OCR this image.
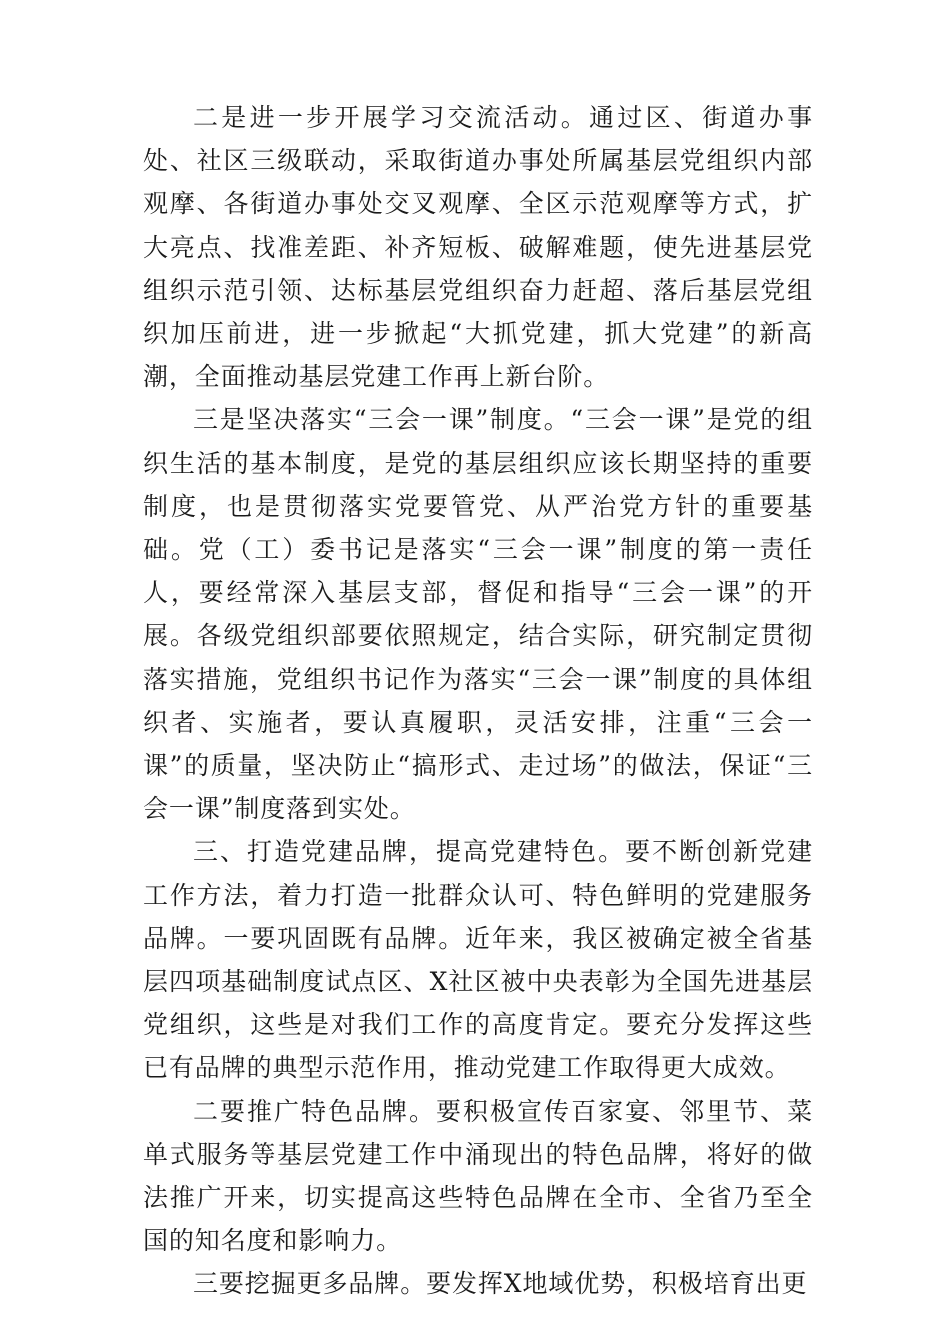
二是进一步开展学习交流活动。通过区、街道办事处、社区三级联动，采取街道办事处所属基层党组织内部观摩、各街道办事处交叉观摩、全区示范观摩等方式，扩大亮点、找准差距、补齐短板、破解难题，使先进基层党组织示范引领、达标基层党组织奋力赶超、落后基层党组织加压前进，进一步掀起“大抓党建，抓大党建”的新高潮，全面推动基层党建工作再上新台阶。

三是坚决落实“三会一课”制度。“三会一课”是党的组织生活的基本制度，是党的基层组织应该长期坚持的重要制度，也是贯彻落实党要管党、从严治党方针的重要基础。党（工）委书记是落实“三会一课”制度的第一责任人，要经常深入基层支部，督促和指导“三会一课”的开展。各级党组织部要依照规定，结合实际，研究制定贯彻落实措施，党组织书记作为落实“三会一课”制度的具体组织者、实施者，要认真履职，灵活安排，注重“三会一课”的质量，坚决防止“搞形式、走过场”的做法，保证“三会一课”制度落到实处。

三、打造党建品牌，提高党建特色。要不断创新党建工作方法，着力打造一批群众认可、特色鲜明的党建服务品牌。一要巩固既有品牌。近年来，我区被确定被全省基层四项基础制度试点区、X社区被中央表彰为全国先进基层党组织，这些是对我们工作的高度肯定。要充分发挥这些已有品牌的典型示范作用，推动党建工作取得更大成效。

二要推广特色品牌。要积极宣传百家宴、邻里节、菜单式服务等基层党建工作中涌现出的特色品牌，将好的做法推广开来，切实提高这些特色品牌在全市、全省乃至全国的知名度和影响力。

三要挖掘更多品牌。要发挥X地域优势，积极培育出更
